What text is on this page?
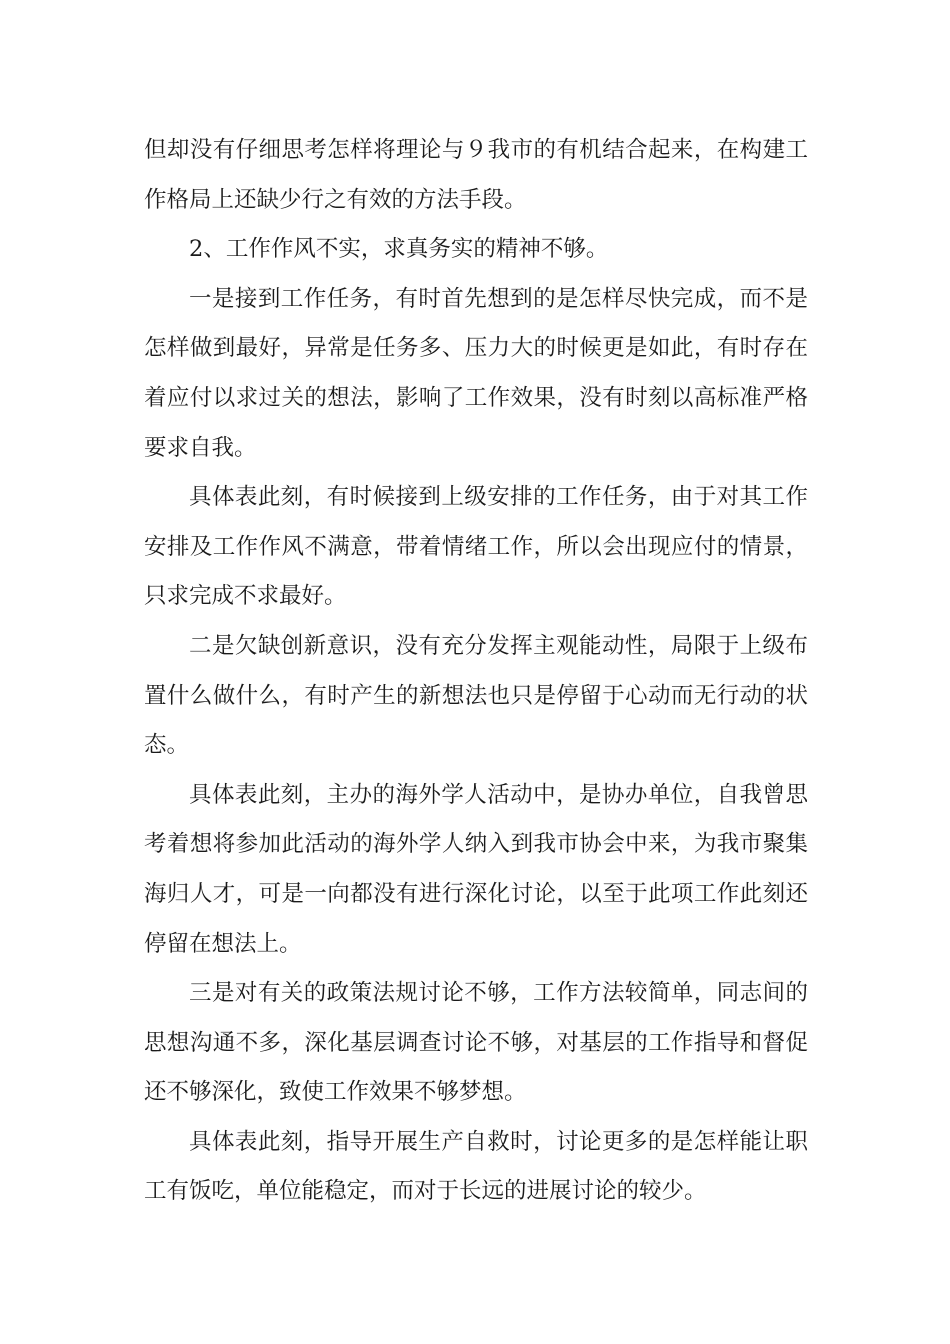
但却没有仔细思考怎样将理论与９我市的有机结合起来，在构建工作格局上还缺少行之有效的方法手段。

2、工作作风不实，求真务实的精神不够。

一是接到工作任务，有时首先想到的是怎样尽快完成，而不是怎样做到最好，异常是任务多、压力大的时候更是如此，有时存在着应付以求过关的想法，影响了工作效果，没有时刻以高标准严格要求自我。

具体表此刻，有时候接到上级安排的工作任务，由于对其工作安排及工作作风不满意，带着情绪工作，所以会出现应付的情景，只求完成不求最好。

二是欠缺创新意识，没有充分发挥主观能动性，局限于上级布置什么做什么，有时产生的新想法也只是停留于心动而无行动的状态。

具体表此刻，主办的海外学人活动中，是协办单位，自我曾思考着想将参加此活动的海外学人纳入到我市协会中来，为我市聚集海归人才，可是一向都没有进行深化讨论，以至于此项工作此刻还停留在想法上。

三是对有关的政策法规讨论不够，工作方法较简单，同志间的思想沟通不多，深化基层调查讨论不够，对基层的工作指导和督促还不够深化，致使工作效果不够梦想。

具体表此刻，指导开展生产自救时，讨论更多的是怎样能让职工有饭吃，单位能稳定，而对于长远的进展讨论的较少。
